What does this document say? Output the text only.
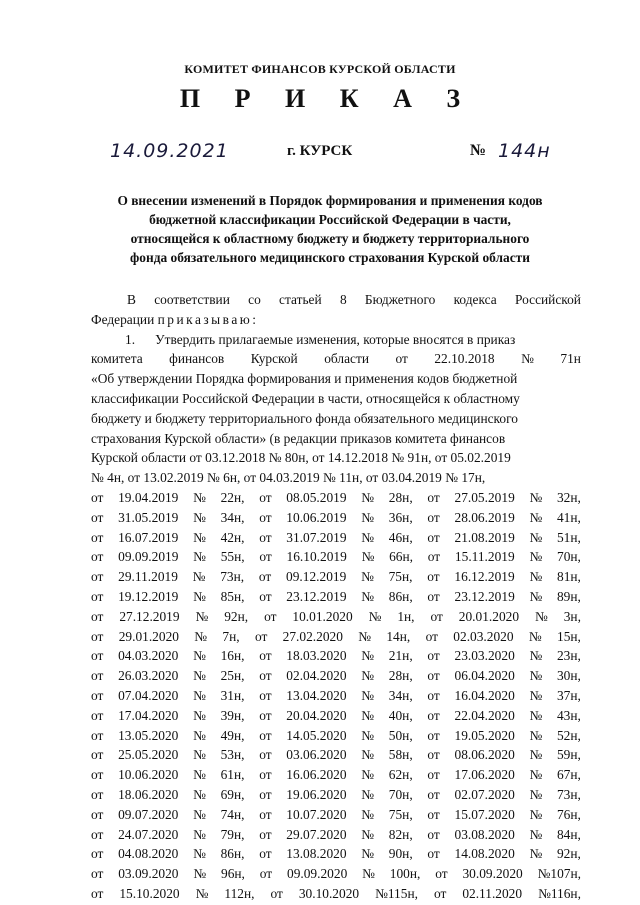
КОМИТЕТ ФИНАНСОВ КУРСКОЙ ОБЛАСТИ
П Р И К А З
14.09.2021	г. КУРСК	№ 144н
О внесении изменений в Порядок формирования и применения кодов
бюджетной классификации Российской Федерации в части,
относящейся к областному бюджету и бюджету территориального
фонда обязательного медицинского страхования Курской области
В соответствии со статьей 8 Бюджетного кодекса Российской
Федерации приказываю:
1. Утвердить прилагаемые изменения, которые вносятся в приказ
комитета финансов Курской области от 22.10.2018 № 71н
«Об утверждении Порядка формирования и применения кодов бюджетной
классификации Российской Федерации в части, относящейся к областному
бюджету и бюджету территориального фонда обязательного медицинского
страхования Курской области» (в редакции приказов комитета финансов
Курской области от 03.12.2018 № 80н, от 14.12.2018 № 91н, от 05.02.2019
№ 4н, от 13.02.2019 № 6н, от 04.03.2019 № 11н, от 03.04.2019 № 17н,
от 19.04.2019 № 22н, от 08.05.2019 № 28н, от 27.05.2019 № 32н,
от 31.05.2019 № 34н, от 10.06.2019 № 36н, от 28.06.2019 № 41н,
от 16.07.2019 № 42н, от 31.07.2019 № 46н, от 21.08.2019 № 51н,
от 09.09.2019 № 55н, от 16.10.2019 № 66н, от 15.11.2019 № 70н,
от 29.11.2019 № 73н, от 09.12.2019 № 75н, от 16.12.2019 № 81н,
от 19.12.2019 № 85н, от 23.12.2019 № 86н, от 23.12.2019 № 89н,
от 27.12.2019 № 92н, от 10.01.2020 № 1н, от 20.01.2020 № 3н,
от 29.01.2020 № 7н, от 27.02.2020 № 14н, от 02.03.2020 № 15н,
от 04.03.2020 № 16н, от 18.03.2020 № 21н, от 23.03.2020 № 23н,
от 26.03.2020 № 25н, от 02.04.2020 № 28н, от 06.04.2020 № 30н,
от 07.04.2020 № 31н, от 13.04.2020 № 34н, от 16.04.2020 № 37н,
от 17.04.2020 № 39н, от 20.04.2020 № 40н, от 22.04.2020 № 43н,
от 13.05.2020 № 49н, от 14.05.2020 № 50н, от 19.05.2020 № 52н,
от 25.05.2020 № 53н, от 03.06.2020 № 58н, от 08.06.2020 № 59н,
от 10.06.2020 № 61н, от 16.06.2020 № 62н, от 17.06.2020 № 67н,
от 18.06.2020 № 69н, от 19.06.2020 № 70н, от 02.07.2020 № 73н,
от 09.07.2020 № 74н, от 10.07.2020 № 75н, от 15.07.2020 № 76н,
от 24.07.2020 № 79н, от 29.07.2020 № 82н, от 03.08.2020 № 84н,
от 04.08.2020 № 86н, от 13.08.2020 № 90н, от 14.08.2020 № 92н,
от 03.09.2020 № 96н, от 09.09.2020 № 100н, от 30.09.2020 №107н,
от 15.10.2020 № 112н, от 30.10.2020 №115н, от 02.11.2020 №116н,
